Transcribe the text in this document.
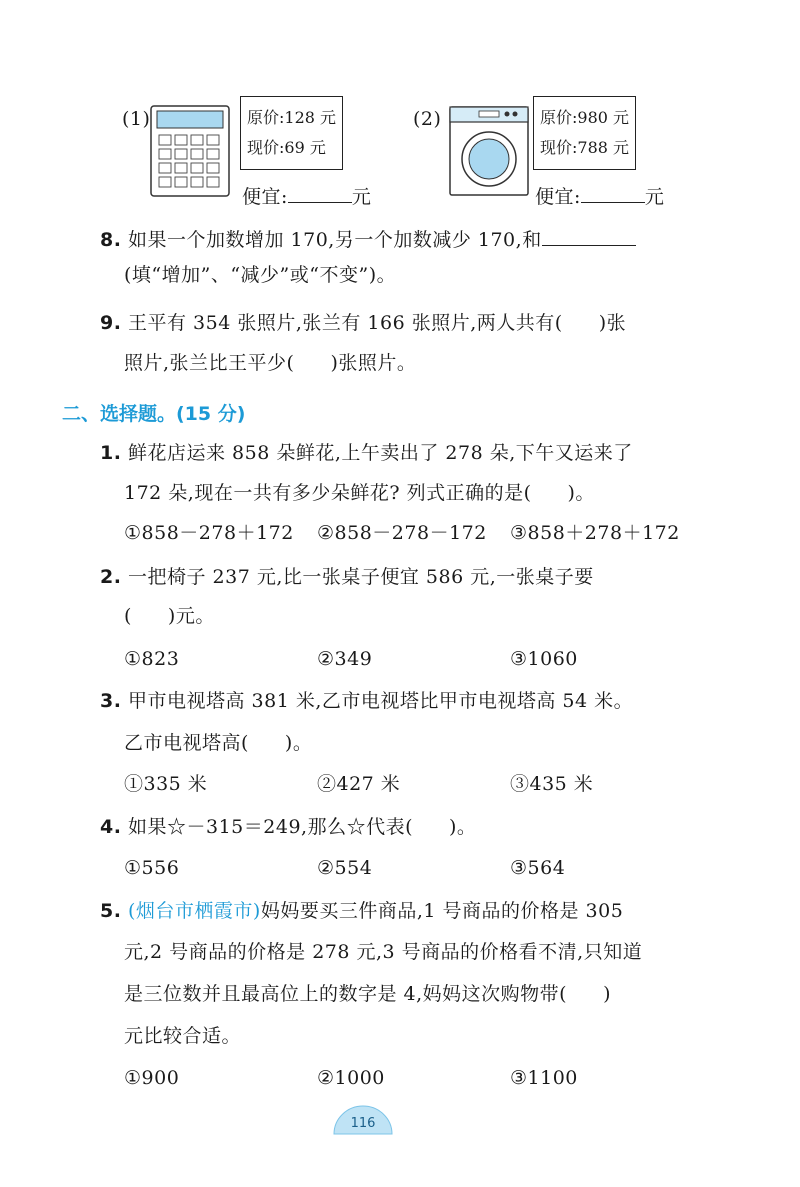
(1)	原价:128 元
现价:69 元
便宜:	元
(2)	原价:980 元
现价:788 元
便宜:	元
8. 如果一个加数增加 170,另一个加数减少 170,和
(填“增加”、“减少”或“不变”)。
9. 王平有 354 张照片,张兰有 166 张照片,两人共有( )张
照片,张兰比王平少( )张照片。
二、选择题。(15 分)
1. 鲜花店运来 858 朵鲜花,上午卖出了 278 朵,下午又运来了
172 朵,现在一共有多少朵鲜花? 列式正确的是( )。
①858－278＋172 ②858－278－172 ③858＋278＋172
2. 一把椅子 237 元,比一张桌子便宜 586 元,一张桌子要
( )元。
①823	②349	③1060
3. 甲市电视塔高 381 米,乙市电视塔比甲市电视塔高 54 米。
乙市电视塔高( )。
①335 米	②427 米	③435 米
4. 如果☆－315＝249,那么☆代表( )。
①556	②554	③564
5. (烟台市栖霞市)妈妈要买三件商品,1 号商品的价格是 305
元,2 号商品的价格是 278 元,3 号商品的价格看不清,只知道
是三位数并且最高位上的数字是 4,妈妈这次购物带( )
元比较合适。
①900	②1000	③1100
116
